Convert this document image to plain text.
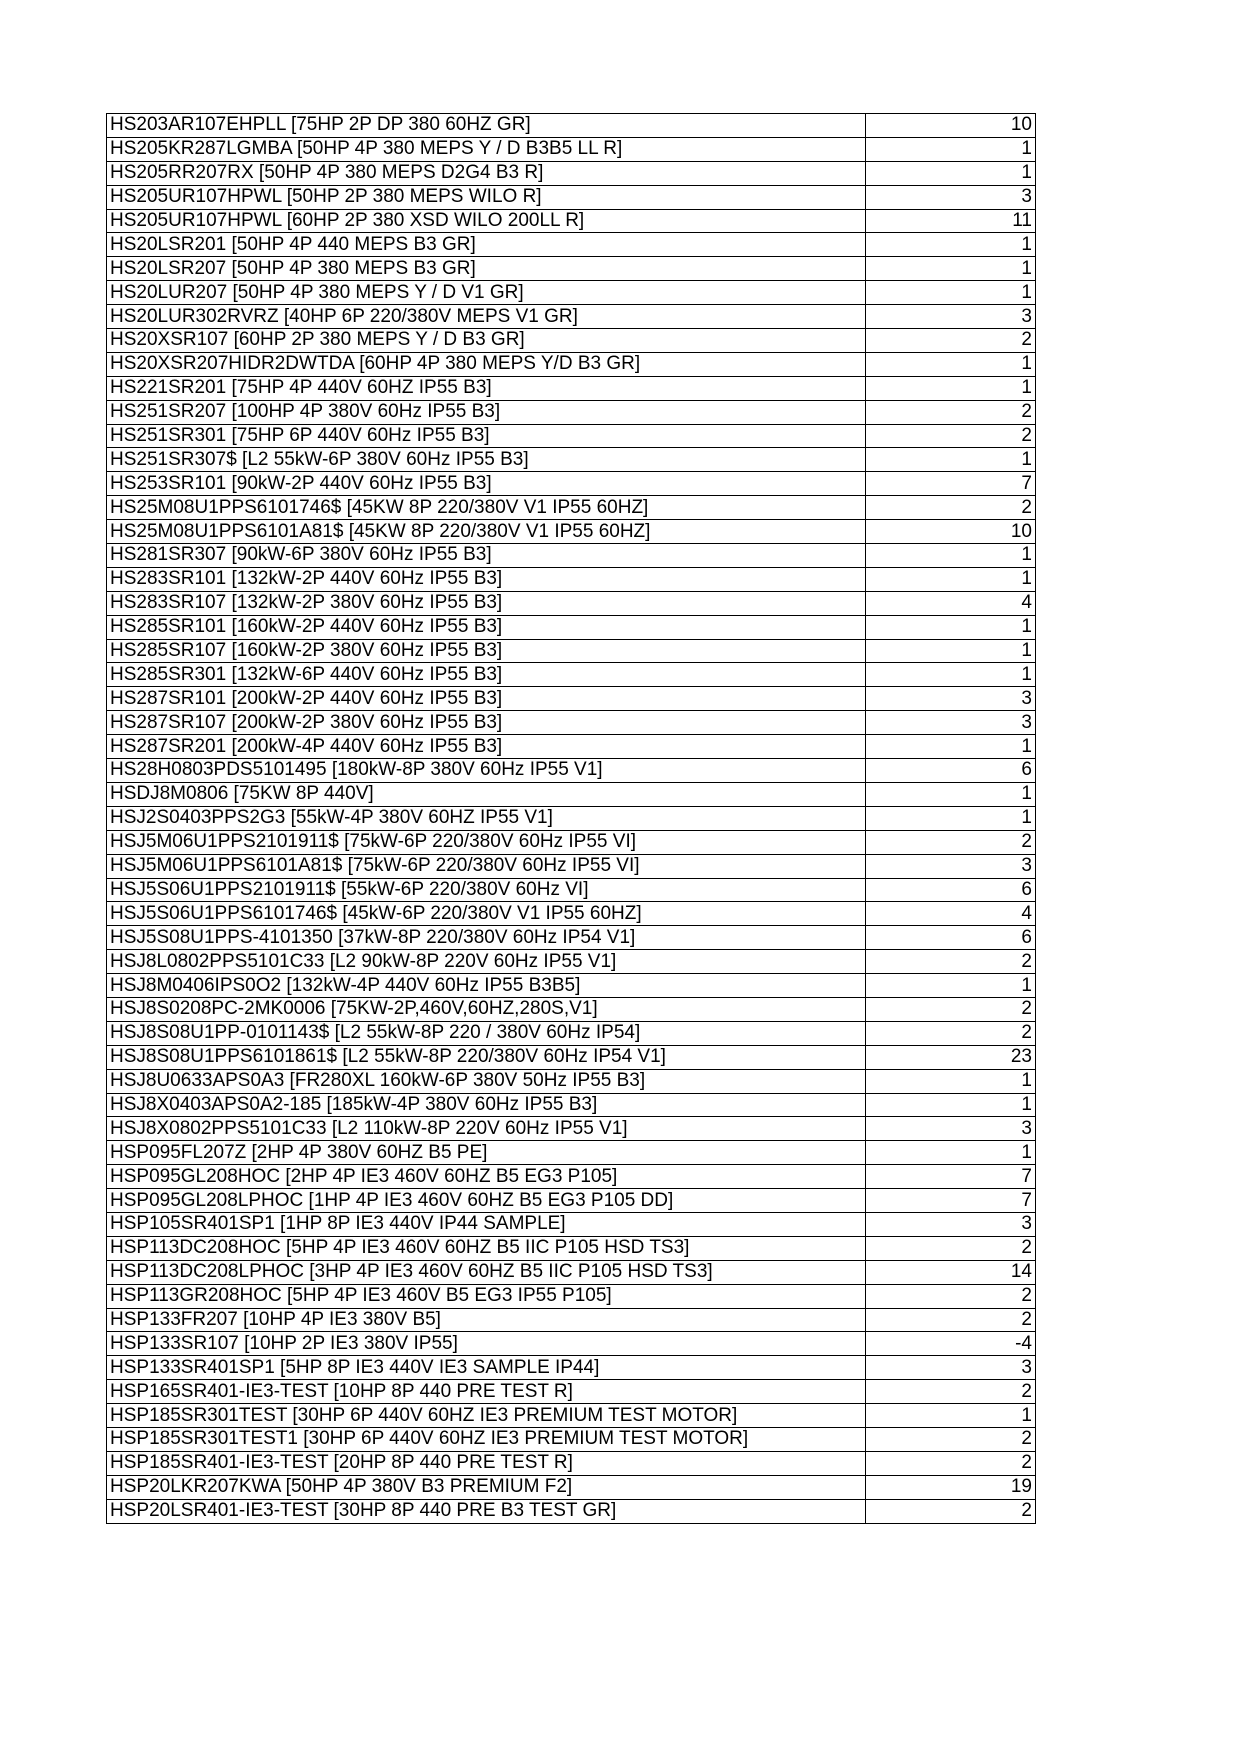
HS203AR107EHPLL [75HP 2P DP 380 60HZ GR]	10
HS205KR287LGMBA [50HP 4P 380 MEPS Y / D B3B5 LL R]	1
HS205RR207RX [50HP 4P 380 MEPS D2G4 B3 R]	1
HS205UR107HPWL [50HP 2P 380 MEPS WILO R]	3
HS205UR107HPWL [60HP 2P 380 XSD WILO 200LL R]	11
HS20LSR201 [50HP 4P 440 MEPS B3 GR]	1
HS20LSR207 [50HP 4P 380 MEPS B3 GR]	1
HS20LUR207 [50HP 4P 380 MEPS Y / D V1 GR]	1
HS20LUR302RVRZ [40HP 6P 220/380V MEPS V1 GR]	3
HS20XSR107 [60HP 2P 380 MEPS Y / D B3 GR]	2
HS20XSR207HIDR2DWTDA [60HP 4P 380 MEPS Y/D B3 GR]	1
HS221SR201 [75HP 4P 440V 60HZ IP55 B3]	1
HS251SR207 [100HP 4P 380V 60Hz IP55 B3]	2
HS251SR301 [75HP 6P 440V 60Hz IP55 B3]	2
HS251SR307$ [L2 55kW-6P 380V 60Hz IP55 B3]	1
HS253SR101 [90kW-2P 440V 60Hz IP55 B3]	7
HS25M08U1PPS6101746$ [45KW 8P 220/380V V1 IP55 60HZ]	2
HS25M08U1PPS6101A81$ [45KW 8P 220/380V V1 IP55 60HZ]	10
HS281SR307 [90kW-6P 380V 60Hz IP55 B3]	1
HS283SR101 [132kW-2P 440V 60Hz IP55 B3]	1
HS283SR107 [132kW-2P 380V 60Hz IP55 B3]	4
HS285SR101 [160kW-2P 440V 60Hz IP55 B3]	1
HS285SR107 [160kW-2P 380V 60Hz IP55 B3]	1
HS285SR301 [132kW-6P 440V 60Hz IP55 B3]	1
HS287SR101 [200kW-2P 440V 60Hz IP55 B3]	3
HS287SR107 [200kW-2P 380V 60Hz IP55 B3]	3
HS287SR201 [200kW-4P 440V 60Hz IP55 B3]	1
HS28H0803PDS5101495 [180kW-8P 380V 60Hz IP55 V1]	6
HSDJ8M0806 [75KW 8P 440V]	1
HSJ2S0403PPS2G3 [55kW-4P 380V 60HZ IP55 V1]	1
HSJ5M06U1PPS2101911$ [75kW-6P 220/380V 60Hz IP55 VI]	2
HSJ5M06U1PPS6101A81$ [75kW-6P 220/380V 60Hz IP55 VI]	3
HSJ5S06U1PPS2101911$ [55kW-6P 220/380V 60Hz VI]	6
HSJ5S06U1PPS6101746$ [45kW-6P 220/380V V1 IP55 60HZ]	4
HSJ5S08U1PPS-4101350 [37kW-8P 220/380V 60Hz IP54 V1]	6
HSJ8L0802PPS5101C33 [L2 90kW-8P 220V 60Hz IP55 V1]	2
HSJ8M0406IPS0O2 [132kW-4P 440V 60Hz IP55 B3B5]	1
HSJ8S0208PC-2MK0006 [75KW-2P,460V,60HZ,280S,V1]	2
HSJ8S08U1PP-0101143$ [L2 55kW-8P 220 / 380V 60Hz IP54]	2
HSJ8S08U1PPS6101861$ [L2 55kW-8P 220/380V 60Hz IP54 V1]	23
HSJ8U0633APS0A3 [FR280XL 160kW-6P 380V 50Hz IP55 B3]	1
HSJ8X0403APS0A2-185 [185kW-4P 380V 60Hz IP55 B3]	1
HSJ8X0802PPS5101C33 [L2 110kW-8P 220V 60Hz IP55 V1]	3
HSP095FL207Z [2HP 4P 380V 60HZ B5 PE]	1
HSP095GL208HOC [2HP 4P IE3 460V 60HZ B5 EG3 P105]	7
HSP095GL208LPHOC [1HP 4P IE3 460V 60HZ B5 EG3 P105 DD]	7
HSP105SR401SP1 [1HP 8P IE3 440V IP44 SAMPLE]	3
HSP113DC208HOC [5HP 4P IE3 460V 60HZ B5 IIC P105 HSD TS3]	2
HSP113DC208LPHOC [3HP 4P IE3 460V 60HZ B5 IIC P105 HSD TS3]	14
HSP113GR208HOC [5HP 4P IE3 460V B5 EG3 IP55 P105]	2
HSP133FR207 [10HP 4P IE3 380V B5]	2
HSP133SR107 [10HP 2P IE3 380V IP55]	-4
HSP133SR401SP1 [5HP 8P IE3 440V IE3 SAMPLE IP44]	3
HSP165SR401-IE3-TEST [10HP 8P 440 PRE TEST R]	2
HSP185SR301TEST [30HP 6P 440V 60HZ IE3 PREMIUM TEST MOTOR]	1
HSP185SR301TEST1 [30HP 6P 440V 60HZ IE3 PREMIUM TEST MOTOR]	2
HSP185SR401-IE3-TEST [20HP 8P 440 PRE TEST R]	2
HSP20LKR207KWA [50HP 4P 380V B3 PREMIUM F2]	19
HSP20LSR401-IE3-TEST [30HP 8P 440 PRE B3 TEST GR]	2
